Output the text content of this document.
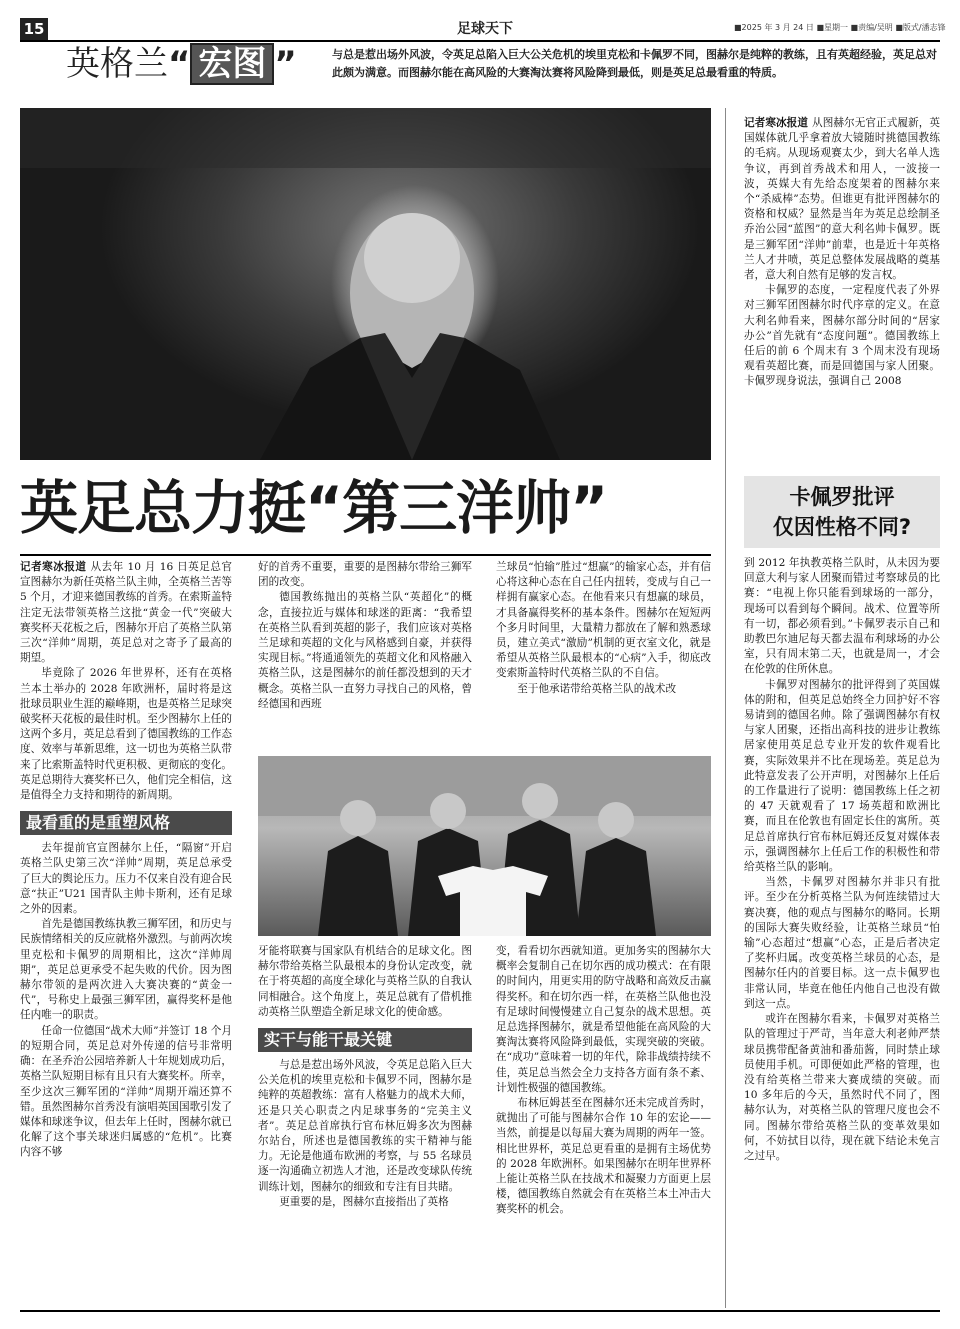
15	足球天下	■2025 年 3 月 24 日 ■星期一 ■责编/吴明 ■版式/潘志锋
英格兰“ 宏图 ”	与总是惹出场外风波，令英足总陷入巨大公关危机的埃里克松和卡佩罗不同，图赫尔是纯粹的教练，且有英超经验，英足总对此颇为满意。而图赫尔能在高风险的大赛淘汰赛将风险降到最低，则是英足总最看重的特质。
英足总力挺“第三洋帅”

记者寒冰报道 从图赫尔无官正式履新，英国媒体就几乎拿着放大镜随时挑德国教练的毛病。从现场观赛太少，到大名单人选争议，再到首秀战术和用人，一波接一波，英媒大有先给态度架着的图赫尔来个“杀威棒”态势。但谁更有批评图赫尔的资格和权威？显然是当年为英足总绘制圣乔治公园“蓝图”的意大利名帅卡佩罗。既是三狮军团“洋帅”前辈，也是近十年英格兰人才井喷，英足总整体发展战略的奠基者，意大利自然有足够的发言权。

卡佩罗的态度，一定程度代表了外界对三狮军团图赫尔时代序章的定义。在意大利名帅看来，图赫尔部分时间的“居家办公”首先就有“态度问题”。德国教练上任后的前 6 个周末有 3 个周末没有现场观看英超比赛，而是回德国与家人团聚。卡佩罗现身说法，强调自己 2008

卡佩罗批评
仅因性格不同?

到 2012 年执教英格兰队时，从未因为要回意大利与家人团聚而错过考察球员的比赛：“电视上你只能看到球场的一部分，现场可以看到每个瞬间。战术、位置等所有一切，都必须看到。”卡佩罗表示自己和助教巴尔迪尼每天都去温布利球场的办公室，只有周末第二天，也就是周一，才会在伦敦的住所休息。

卡佩罗对图赫尔的批评得到了英国媒体的附和，但英足总始终全力回护好不容易请到的德国名帅。除了强调图赫尔有权与家人团聚，还指出高科技的进步让教练居家使用英足总专业开发的软件观看比赛，实际效果并不比在现场差。英足总为此特意发表了公开声明，对图赫尔上任后的工作量进行了说明：德国教练上任之初的 47 天就观看了 17 场英超和欧洲比赛，而且在伦敦也有固定长住的寓所。英足总首席执行官布林厄姆还反复对媒体表示，强调图赫尔上任后工作的积极性和带给英格兰队的影响。

当然，卡佩罗对图赫尔并非只有批评。至少在分析英格兰队为何连续错过大赛决赛，他的观点与图赫尔的略同。长期的国际大赛失败经验，让英格兰球员“怕输”心态超过“想赢”心态，正是后者决定了奖杯归属。改变英格兰球员的心态，是图赫尔任内的首要目标。这一点卡佩罗也非常认同，毕竟在他任内他自己也没有做到这一点。

或许在图赫尔看来，卡佩罗对英格兰队的管理过于严苛，当年意大利老帅严禁球员携带配备黄油和番茄酱，同时禁止球员使用手机。可即便如此严格的管理，也没有给英格兰带来大赛成绩的突破。而 10 多年后的今天，虽然时代不同了，图赫尔认为，对英格兰队的管理尺度也会不同。图赫尔带给英格兰队的变革效果如何，不妨拭目以待，现在就下结论未免言之过早。

记者寒冰报道 从去年 10 月 16 日英足总官宣图赫尔为新任英格兰队主帅，全英格兰苦等 5 个月，才迎来德国教练的首秀。在索斯盖特注定无法带领英格兰这批“黄金一代”突破大赛奖杯天花板之后，图赫尔开启了英格兰队第三次“洋帅”周期，英足总对之寄予了最高的期望。

毕竟除了 2026 年世界杯，还有在英格兰本土举办的 2028 年欧洲杯，届时将是这批球员职业生涯的巅峰期，也是英格兰足球突破奖杯天花板的最佳时机。至少图赫尔上任的这两个多月，英足总看到了德国教练的工作态度、效率与革新思维，这一切也为英格兰队带来了比索斯盖特时代更积极、更彻底的变化。英足总期待大赛奖杯已久，他们完全相信，这是值得全力支持和期待的新周期。

最看重的是重塑风格

去年提前官宣图赫尔上任，“隔窗”开启英格兰队史第三次“洋帅”周期，英足总承受了巨大的舆论压力。压力不仅来自没有迎合民意“扶正”U21 国青队主帅卡斯利，还有足球之外的因素。

首先是德国教练执教三狮军团，和历史与民族情绪相关的反应就格外激烈。与前两次埃里克松和卡佩罗的周期相比，这次“洋帅周期”，英足总更承受不起失败的代价。因为图赫尔带领的是两次进入大赛决赛的“黄金一代”，号称史上最强三狮军团，赢得奖杯是他任内唯一的职责。

任命一位德国“战术大师”并签订 18 个月的短期合同，英足总对外传递的信号非常明确：在圣乔治公园培养新人十年规划成功后，英格兰队短期目标有且只有大赛奖杯。所幸，至少这次三狮军团的“洋帅”周期开端还算不错。虽然图赫尔首秀没有演唱英国国歌引发了媒体和球迷争议，但去年上任时，图赫尔就已化解了这个事关球迷归属感的“危机”。比赛内容不够

好的首秀不重要，重要的是图赫尔带给三狮军团的改变。

德国教练抛出的英格兰队“英超化”的概念，直接拉近与媒体和球迷的距离：“我希望在英格兰队看到英超的影子，我们应该对英格兰足球和英超的文化与风格感到自豪，并获得实现目标。”将通通领先的英超文化和风格融入英格兰队，这是图赫尔的前任都没想到的天才概念。英格兰队一直努力寻找自己的风格，曾经德国和西班

兰球员“怕输”胜过“想赢”的输家心态，并有信心将这种心态在自己任内扭转，变成与自己一样拥有赢家心态。在他看来只有想赢的球员，才具备赢得奖杯的基本条件。图赫尔在短短两个多月时间里，大量精力都放在了解和熟悉球员，建立美式“激励”机制的更衣室文化，就是希望从英格兰队最根本的“心病”入手，彻底改变索斯盖特时代英格兰队的不自信。

至于他承诺带给英格兰队的战术改

牙能将联赛与国家队有机结合的足球文化。图赫尔带给英格兰队最根本的身份认定改变，就在于将英超的高度全球化与英格兰队的自我认同相融合。这个角度上，英足总就有了借机推动英格兰队塑造全新足球文化的使命感。

实干与能干最关键

与总是惹出场外风波，令英足总陷入巨大公关危机的埃里克松和卡佩罗不同，图赫尔是纯粹的英超教练：富有人格魅力的战术大师，还是只关心职责之内足球事务的“完美主义者”。英足总首席执行官布林厄姆多次为图赫尔站台，所述也是德国教练的实干精神与能力。无论是他通布欧洲的考察，与 55 名球员逐一沟通确立初选人才池，还是改变球队传统训练计划，图赫尔的细致和专注有目共睹。

更重要的是，图赫尔直接指出了英格

变，看看切尔西就知道。更加务实的图赫尔大概率会复制自己在切尔西的成功模式：在有限的时间内，用更实用的防守战略和高效反击赢得奖杯。和在切尔西一样，在英格兰队他也没有足球时间慢慢建立自己复杂的战术思想。英足总选择图赫尔，就是希望他能在高风险的大赛淘汰赛将风险降到最低，实现突破的突破。在“成功”意味着一切的年代，除非战绩持续不佳，英足总当然会全力支持各方面有条不紊、计划性极强的德国教练。

布林厄姆甚至在图赫尔还未完成首秀时，就抛出了可能与图赫尔合作 10 年的宏论——当然，前提是以每届大赛为周期的两年一签。相比世界杯，英足总更看重的是拥有主场优势的 2028 年欧洲杯。如果图赫尔在明年世界杯上能让英格兰队在技战术和凝聚力方面更上层楼，德国教练自然就会有在英格兰本土冲击大赛奖杯的机会。
